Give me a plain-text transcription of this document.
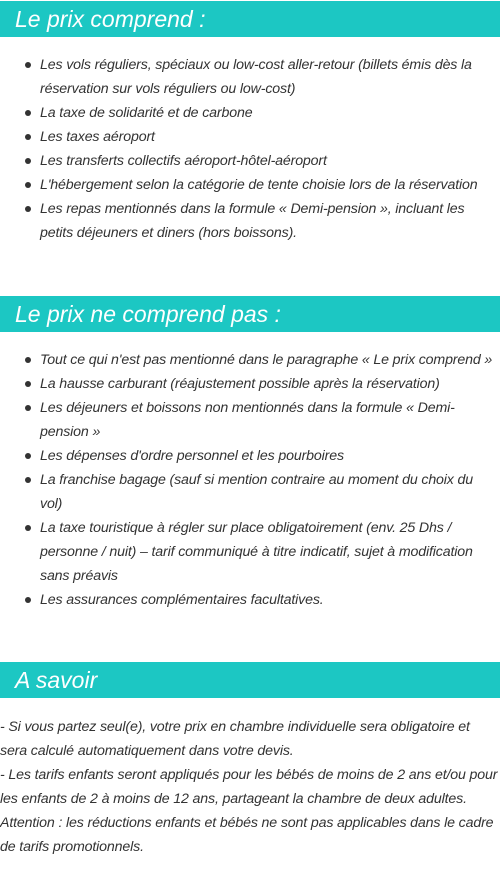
Le prix comprend :
Les vols réguliers, spéciaux ou low-cost aller-retour (billets émis dès la
réservation sur vols réguliers ou low-cost)
La taxe de solidarité et de carbone
Les taxes aéroport
Les transferts collectifs aéroport-hôtel-aéroport
L'hébergement selon la catégorie de tente choisie lors de la réservation
Les repas mentionnés dans la formule « Demi-pension », incluant les
petits déjeuners et diners (hors boissons).
Le prix ne comprend pas :
Tout ce qui n'est pas mentionné dans le paragraphe « Le prix comprend »
La hausse carburant (réajustement possible après la réservation)
Les déjeuners et boissons non mentionnés dans la formule « Demi-
pension »
Les dépenses d'ordre personnel et les pourboires
La franchise bagage (sauf si mention contraire au moment du choix du
vol)
La taxe touristique à régler sur place obligatoirement (env. 25 Dhs /
personne / nuit) – tarif communiqué à titre indicatif, sujet à modification
sans préavis
Les assurances complémentaires facultatives.
A savoir
- Si vous partez seul(e), votre prix en chambre individuelle sera obligatoire et
sera calculé automatiquement dans votre devis.
- Les tarifs enfants seront appliqués pour les bébés de moins de 2 ans et/ou pour
les enfants de 2 à moins de 12 ans, partageant la chambre de deux adultes.
Attention : les réductions enfants et bébés ne sont pas applicables dans le cadre
de tarifs promotionnels.
